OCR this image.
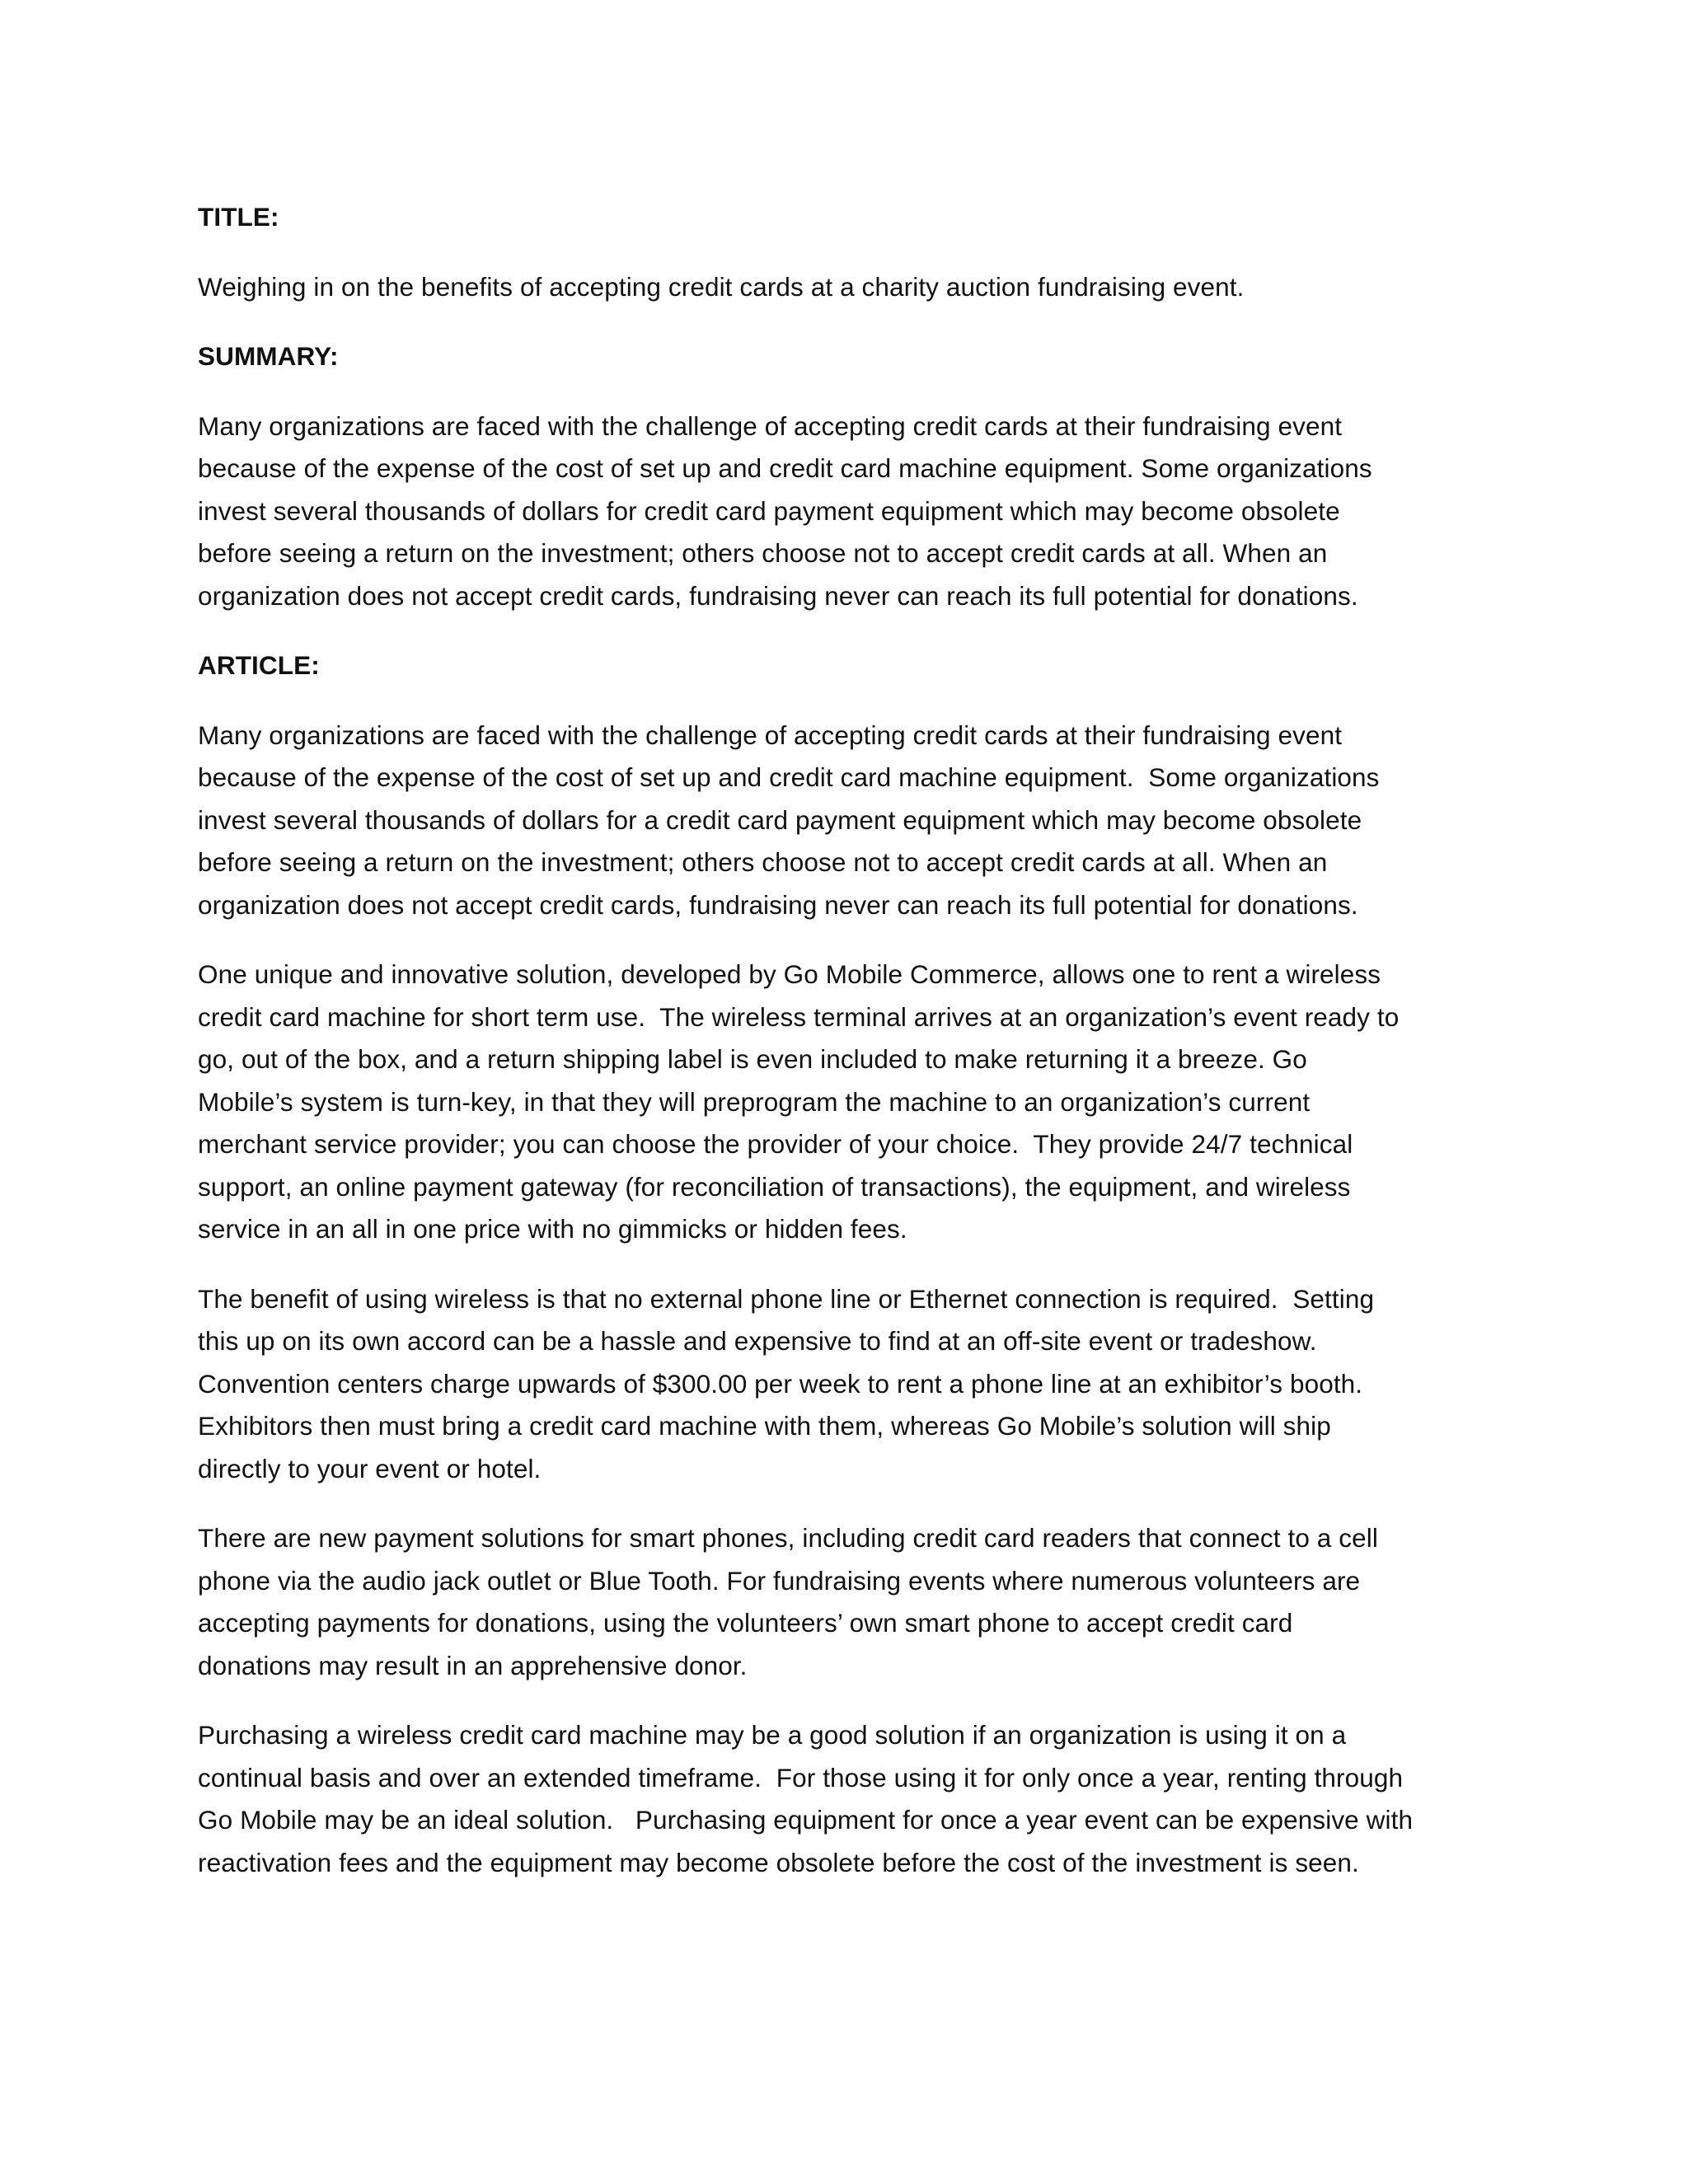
TITLE:
Weighing in on the benefits of accepting credit cards at a charity auction fundraising event.
SUMMARY:
Many organizations are faced with the challenge of accepting credit cards at their fundraising event
because of the expense of the cost of set up and credit card machine equipment. Some organizations
invest several thousands of dollars for credit card payment equipment which may become obsolete
before seeing a return on the investment; others choose not to accept credit cards at all. When an
organization does not accept credit cards, fundraising never can reach its full potential for donations.
ARTICLE:
Many organizations are faced with the challenge of accepting credit cards at their fundraising event
because of the expense of the cost of set up and credit card machine equipment.  Some organizations
invest several thousands of dollars for a credit card payment equipment which may become obsolete
before seeing a return on the investment; others choose not to accept credit cards at all. When an
organization does not accept credit cards, fundraising never can reach its full potential for donations.
One unique and innovative solution, developed by Go Mobile Commerce, allows one to rent a wireless
credit card machine for short term use.  The wireless terminal arrives at an organization’s event ready to
go, out of the box, and a return shipping label is even included to make returning it a breeze. Go
Mobile’s system is turn-key, in that they will preprogram the machine to an organization’s current
merchant service provider; you can choose the provider of your choice.  They provide 24/7 technical
support, an online payment gateway (for reconciliation of transactions), the equipment, and wireless
service in an all in one price with no gimmicks or hidden fees.
The benefit of using wireless is that no external phone line or Ethernet connection is required.  Setting
this up on its own accord can be a hassle and expensive to find at an off-site event or tradeshow.
Convention centers charge upwards of $300.00 per week to rent a phone line at an exhibitor’s booth.
Exhibitors then must bring a credit card machine with them, whereas Go Mobile’s solution will ship
directly to your event or hotel.
There are new payment solutions for smart phones, including credit card readers that connect to a cell
phone via the audio jack outlet or Blue Tooth. For fundraising events where numerous volunteers are
accepting payments for donations, using the volunteers’ own smart phone to accept credit card
donations may result in an apprehensive donor.
Purchasing a wireless credit card machine may be a good solution if an organization is using it on a
continual basis and over an extended timeframe.  For those using it for only once a year, renting through
Go Mobile may be an ideal solution.   Purchasing equipment for once a year event can be expensive with
reactivation fees and the equipment may become obsolete before the cost of the investment is seen.
